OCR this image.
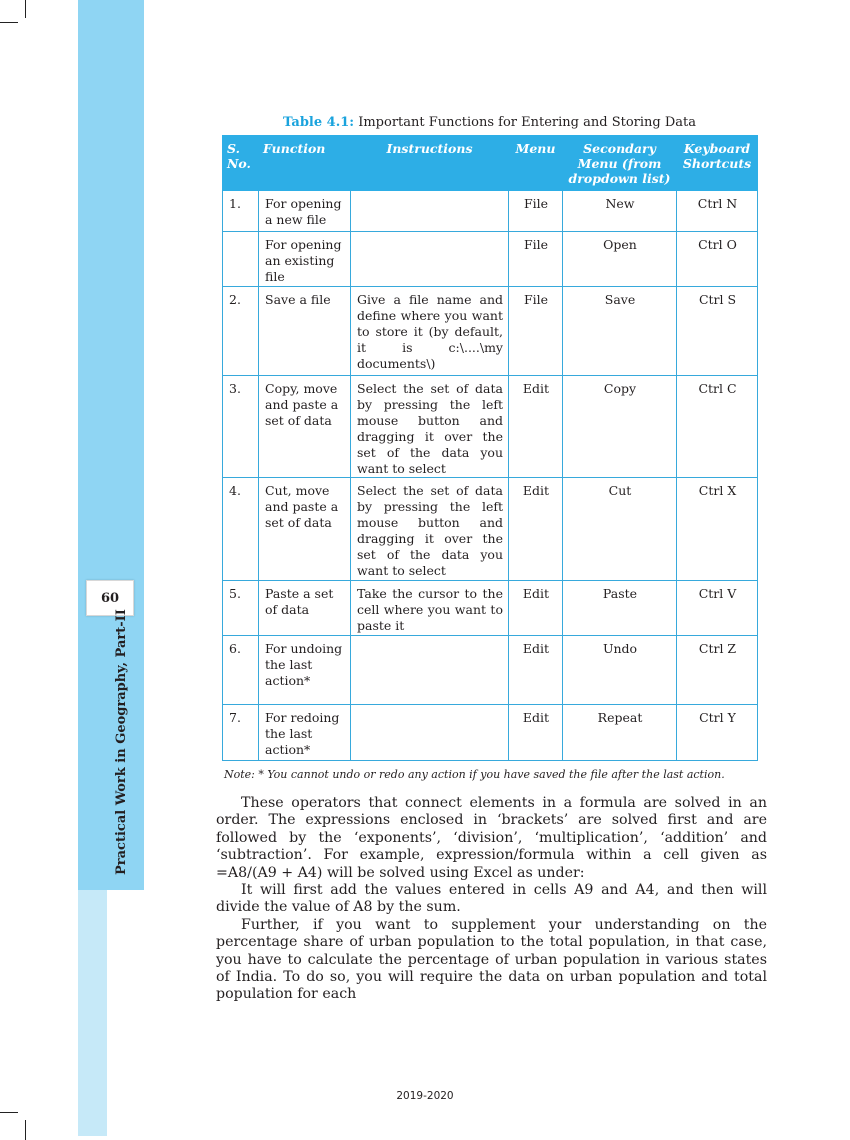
60
Practical Work in Geography, Part-II
Table 4.1: Important Functions for Entering and Storing Data
S. No.	Function	Instructions	Menu	Secondary Menu (from dropdown list)	Keyboard Shortcuts
1.	For opening a new file		File	New	Ctrl N
	For opening an existing file		File	Open	Ctrl O
2.	Save a file	Give a file name and define where you want to store it (by default, it is c:\....\my documents\)	File	Save	Ctrl S
3.	Copy, move and paste a set of data	Select the set of data by pressing the left mouse button and dragging it over the set of the data you want to select	Edit	Copy	Ctrl C
4.	Cut, move and paste a set of data	Select the set of data by pressing the left mouse button and dragging it over the set of the data you want to select	Edit	Cut	Ctrl X
5.	Paste a set of data	Take the cursor to the cell where you want to paste it	Edit	Paste	Ctrl V
6.	For undoing the last action*		Edit	Undo	Ctrl Z
7.	For redoing the last action*		Edit	Repeat	Ctrl Y
Note: * You cannot undo or redo any action if you have saved the file after the last action.

These operators that connect elements in a formula are solved in an order. The expressions enclosed in ‘brackets’ are solved first and are followed by the ‘exponents’, ‘division’, ‘multiplication’, ‘addition’ and ‘subtraction’. For example, expression/formula within a cell given as =A8/(A9 + A4) will be solved using Excel as under:

It will first add the values entered in cells A9 and A4, and then will divide the value of A8 by the sum.

Further, if you want to supplement your understanding on the percentage share of urban population to the total population, in that case, you have to calculate the percentage of urban population in various states of India. To do so, you will require the data on urban population and total population for each

2019-2020
